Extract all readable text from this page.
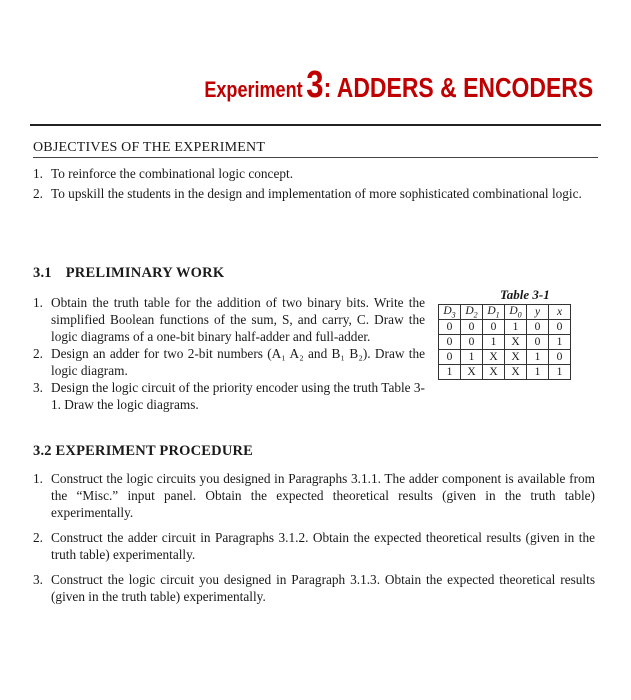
Experiment 3: ADDERS & ENCODERS
OBJECTIVES OF THE EXPERIMENT
1. To reinforce the combinational logic concept.
2. To upskill the students in the design and implementation of more sophisticated combinational logic.
3.1 PRELIMINARY WORK
1. Obtain the truth table for the addition of two binary bits. Write the simplified Boolean functions of the sum, S, and carry, C. Draw the logic diagrams of a one-bit binary half-adder and full-adder.
2. Design an adder for two 2-bit numbers (A₁ A₂ and B₁ B₂). Draw the logic diagram.
3. Design the logic circuit of the priority encoder using the truth Table 3-1. Draw the logic diagrams.
Table 3-1
$D_3$	$D_2$	$D_1$	$D_0$	y	x
0	0	0	1	0	0
0	0	1	X	0	1
0	1	X	X	1	0
1	X	X	X	1	1
3.2 EXPERIMENT PROCEDURE
1. Construct the logic circuits you designed in Paragraphs 3.1.1. The adder component is available from the “Misc.” input panel. Obtain the expected theoretical results (given in the truth table) experimentally.
2. Construct the adder circuit in Paragraphs 3.1.2. Obtain the expected theoretical results (given in the truth table) experimentally.
3. Construct the logic circuit you designed in Paragraph 3.1.3. Obtain the expected theoretical results (given in the truth table) experimentally.
